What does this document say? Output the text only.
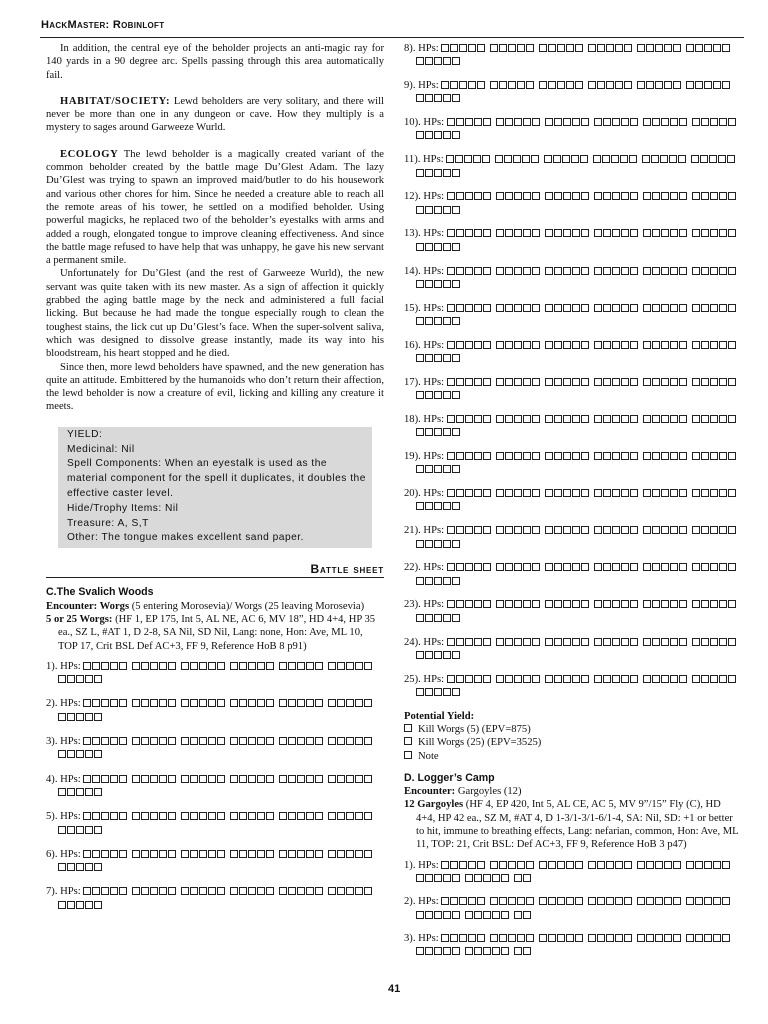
HackMaster: Robinloft

In addition, the central eye of the beholder projects an anti-magic ray for 140 yards in a 90 degree arc. Spells passing through this area automatically fail.

HABITAT/SOCIETY: Lewd beholders are very solitary, and there will never be more than one in any dungeon or cave. How they multiply is a mystery to sages around Garweeze Wurld.

ECOLOGY The lewd beholder is a magically created variant of the common beholder created by the battle mage Du’Glest Adam. The lazy Du’Glest was trying to spawn an improved maid/butler to do his housework and various other chores for him. Since he needed a creature able to reach all the remote areas of his tower, he settled on a modified beholder. Using powerful magicks, he replaced two of the beholder’s eyestalks with arms and added a rough, elongated tongue to improve cleaning effectiveness. And since the battle mage refused to have help that was unhappy, he gave his new servant a permanent smile.

Unfortunately for Du’Glest (and the rest of Garweeze Wurld), the new servant was quite taken with its new master. As a sign of affection it quickly grabbed the aging battle mage by the neck and administered a full facial licking. But because he had made the tongue especially rough to clean the toughest stains, the lick cut up Du’Glest’s face. When the super-solvent saliva, which was designed to dissolve grease instantly, made its way into his bloodstream, his heart stopped and he died.

Since then, more lewd beholders have spawned, and the new generation has quite an attitude. Embittered by the humanoids who don’t return their affection, the lewd beholder is now a creature of evil, licking and killing any creature it meets.

YIELD:
Medicinal: Nil
Spell Components: When an eyestalk is used as the material component for the spell it duplicates, it doubles the effective caster level.
Hide/Trophy Items: Nil
Treasure: A, S,T
Other: The tongue makes excellent sand paper.
Battle sheet
C.The Svalich Woods
Encounter: Worgs (5 entering Morosevia)/ Worgs (25 leaving Morosevia)
5 or 25 Worgs: (HF 1, EP 175, Int 5, AL NE, AC 6, MV 18”, HD 4+4, HP 35 ea., SZ L, #AT 1, D 2-8, SA Nil, SD Nil, Lang: none, Hon: Ave, ML 10, TOP 17, Crit BSL Def AC+3, FF 9, Reference HoB 8 p91)
1). HPs:
2). HPs:
3). HPs:
4). HPs:
5). HPs:
6). HPs:
7). HPs:
8). HPs:
9). HPs:
10). HPs:
11). HPs:
12). HPs:
13). HPs:
14). HPs:
15). HPs:
16). HPs:
17). HPs:
18). HPs:
19). HPs:
20). HPs:
21). HPs:
22). HPs:
23). HPs:
24). HPs:
25). HPs:
Potential Yield:
Kill Worgs (5) (EPV=875)
Kill Worgs (25) (EPV=3525)
Note
D. Logger’s Camp
Encounter: Gargoyles (12)
12 Gargoyles (HF 4, EP 420, Int 5, AL CE, AC 5, MV 9”/15” Fly (C), HD 4+4, HP 42 ea., SZ M, #AT 4, D 1-3/1-3/1-6/1-4, SA: Nil, SD: +1 or better to hit, immune to breathing effects, Lang: nefarian, common, Hon: Ave, ML 11, TOP: 21, Crit BSL: Def AC+3, FF 9, Reference HoB 3 p47)
1). HPs:
2). HPs:
3). HPs:
41
